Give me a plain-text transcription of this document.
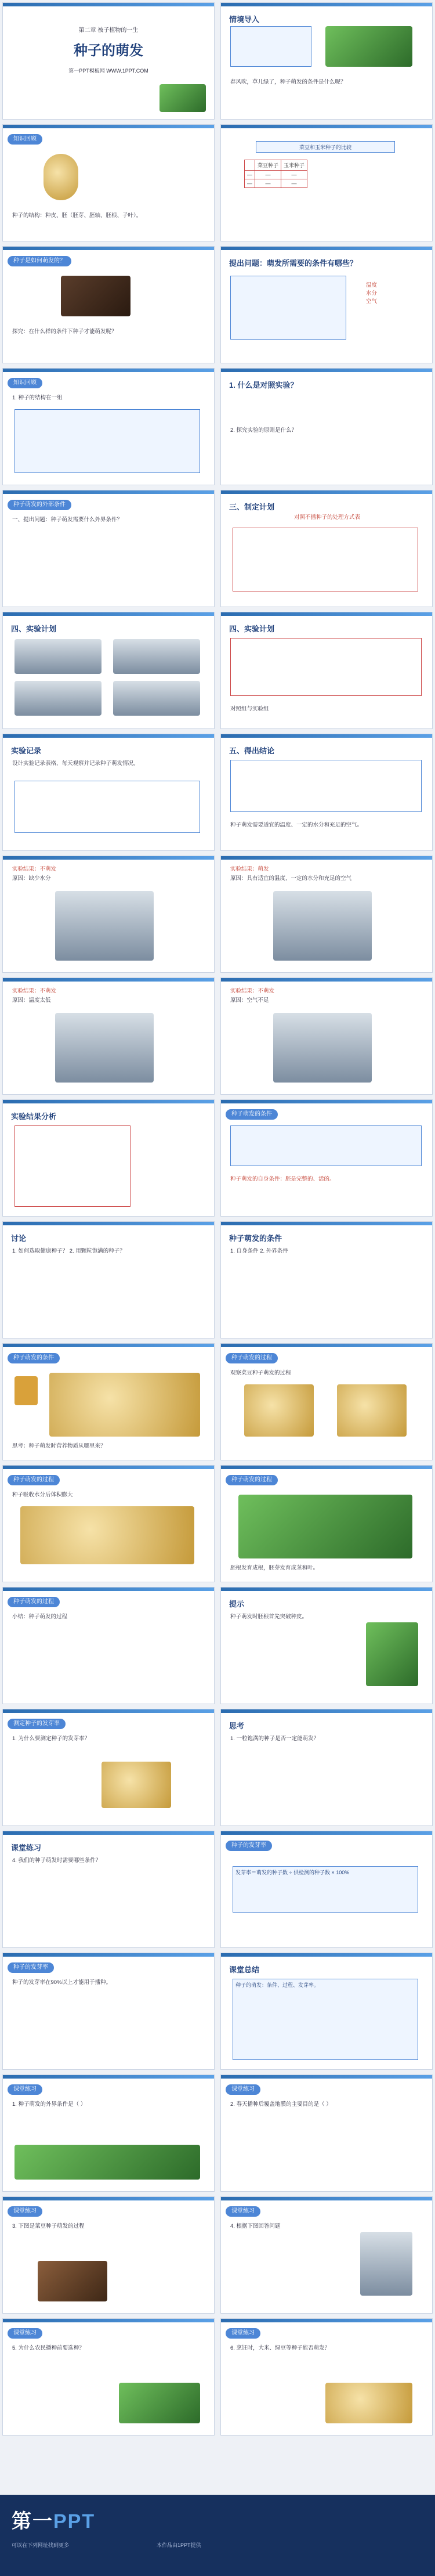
第二章 被子植物的一生
种子的萌发
第一PPT模板网 WWW.1PPT.COM
情境导入
春风吹，草儿绿了，种子萌发的条件是什么呢？
知识回顾
种子的结构：种皮、胚（胚芽、胚轴、胚根、子叶）。
菜豆和玉米种子的比较
	菜豆种子	玉米种子
—	—	—
—	—	—
种子是如何萌发的？
探究：在什么样的条件下种子才能萌发呢？
提出问题：萌发所需要的条件有哪些？
温度
水分
空气
知识回顾
1. 种子的结构在一组
1. 什么是对照实验？
2. 探究实验的原则是什么？
种子萌发的外部条件
一、提出问题：种子萌发需要什么外界条件？
三、制定计划
对照不播种子的处理方式表
四、实验计划	四、实验计划
对照组与实验组
实验记录
设计实验记录表格，每天观察并记录种子萌发情况。
五、得出结论
种子萌发需要适宜的温度、一定的水分和充足的空气。
实验结果：不萌发
原因：缺少水分
实验结果：萌发
原因：具有适宜的温度、一定的水分和充足的空气
实验结果：不萌发
原因：温度太低
实验结果：不萌发
原因：空气不足
实验结果分析	种子萌发的条件
种子萌发的自身条件：胚是完整的、活的。
讨论
1. 如何选取健康种子？ 2. 用颗粒饱满的种子？
种子萌发的条件
1. 自身条件 2. 外界条件
种子萌发的条件
思考：种子萌发时营养物质从哪里来？
种子萌发的过程
观察菜豆种子萌发的过程
种子萌发的过程
种子吸收水分后体积膨大
种子萌发的过程
胚根发育成根，胚芽发育成茎和叶。
种子萌发的过程
小结：种子萌发的过程
提示
种子萌发时胚根首先突破种皮。
测定种子的发芽率
1. 为什么要测定种子的发芽率？
思考
1. 一粒饱满的种子是否一定能萌发？
课堂练习
4. 我们的种子萌发时需要哪些条件？
种子的发芽率
发芽率＝萌发的种子数 ÷ 供检测的种子数 × 100%
种子的发芽率
种子的发芽率在90%以上才能用于播种。
课堂总结
种子的萌发：条件、过程、发芽率。
课堂练习
1. 种子萌发的外界条件是（ ）
课堂练习
2. 春天播种后覆盖地膜的主要目的是（ ）
课堂练习
3. 下图是菜豆种子萌发的过程
课堂练习
4. 根据下图回答问题
课堂练习
5. 为什么农民播种前要选种？
课堂练习
6. 烹饪时，大米、绿豆等种子能否萌发？
第一PPT
可以在下列网址找到更多	本作品由1PPT提供
